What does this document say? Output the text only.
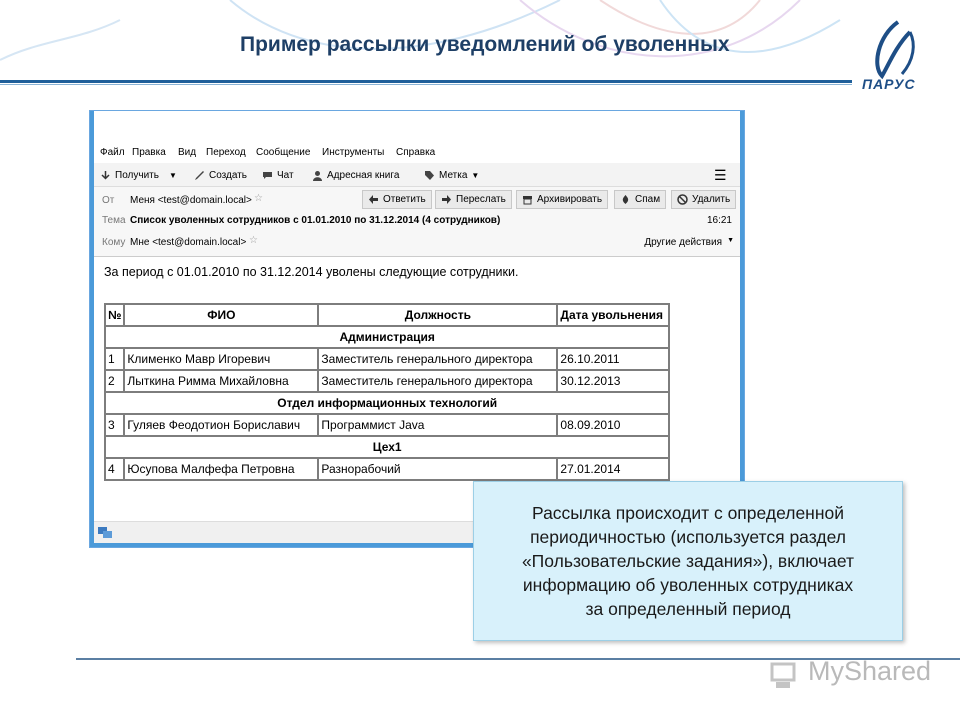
Пример рассылки уведомлений об уволенных
ПАРУС
Файл Правка Вид Переход Сообщение Инструменты Справка
Получить ▼	Создать	Чат	Адресная книга	Метка ▼	☰
От Меня <test@domain.local> ☆	Ответить	Переслать	Архивировать	Спам	Удалить
Тема Список уволенных сотрудников с 01.01.2010 по 31.12.2014 (4 сотрудников)	16:21
Кому Мне <test@domain.local> ☆	Другие действия ▼
За период с 01.01.2010 по 31.12.2014 уволены следующие сотрудники.
№	ФИО	Должность	Дата увольнения
Администрация			
1	Клименко Мавр Игоревич	Заместитель генерального директора	26.10.2011
2	Лыткина Римма Михайловна	Заместитель генерального директора	30.12.2013
Отдел информационных технологий			
3	Гуляев Феодотион Бориславич	Программист Java	08.09.2010
Цех1			
4	Юсупова Малфефа Петровна	Разнорабочий	27.01.2014
Рассылка происходит с определенной
периодичностью (используется раздел
«Пользовательские задания»), включает
информацию об уволенных сотрудниках
за определенный период
MyShared
